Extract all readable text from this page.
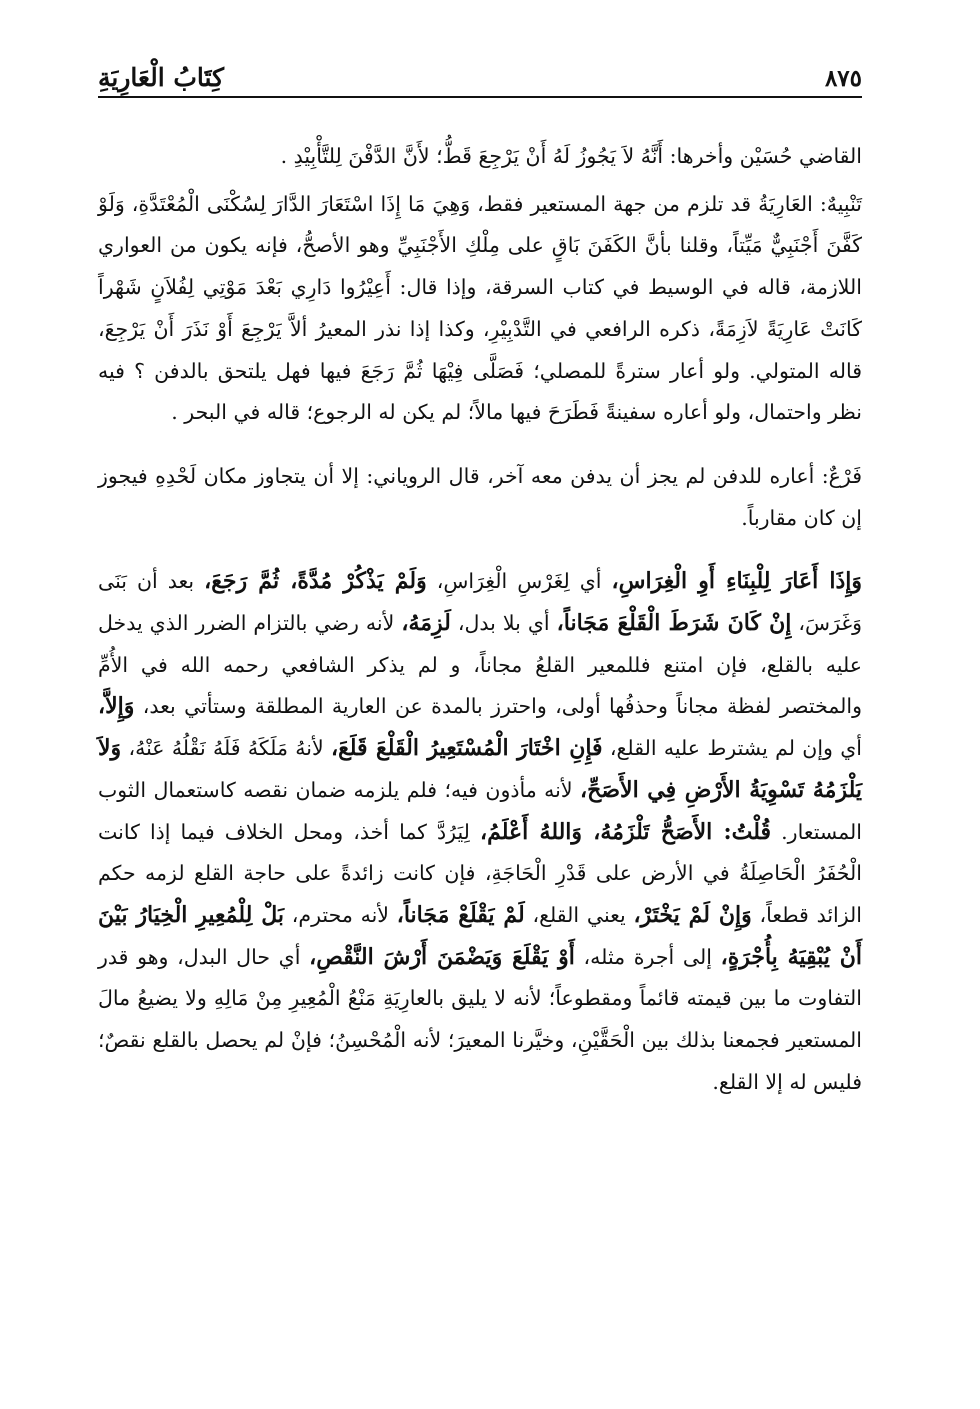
٨٧٥
كِتَابُ الْعَارِيَةِ

القاضي حُسَيْن وأخرها: أَنَّهُ لاَ يَجُوزُ لَهُ أَنْ يَرْجِعَ قَطُّ؛ لأَنَّ الدَّفْنَ لِلتَّأْبِيْدِ .

تَنْبِيهٌ: العَارِيَةُ قد تلزم من جهة المستعير فقط، وَهِيَ مَا إِذَا اسْتَعَارَ الدَّارَ لِسُكْنَى الْمُعْتَدَّةِ، وَلَوْ كَفَّنَ أَجْنَبِيٌّ مَيِّتاً، وقلنا بأنَّ الكَفَنَ بَاقٍ على مِلْكِ الأَجْنَبِيِّ وهو الأصحُّ، فإنه يكون من العواري اللازمة، قاله في الوسيط في كتاب السرقة، وإذا قال: أَعِيْرُوا دَارِي بَعْدَ مَوْتِي لِفُلاَنٍ شَهْراً كَانَتْ عَارِيَةً لاَزِمَةً، ذكره الرافعي في التَّدْبِيْرِ، وكذا إذا نذر المعيرُ ألاَّ يَرْجِعَ أَوْ نَذَرَ أَنْ يَرْجِعَ، قاله المتولي. ولو أعار سترةً للمصلي؛ فَصَلَّى فِيْهَا ثُمَّ رَجَعَ فيها فهل يلتحق بالدفن ؟ فيه نظر واحتمال، ولو أعاره سفينةً فَطَرَحَ فيها مالاً؛ لم يكن له الرجوع؛ قاله في البحر .

فَرْعٌ: أعاره للدفن لم يجز أن يدفن معه آخر، قال الروياني: إلا أن يتجاوز مكان لَحْدِهِ فيجوز إن كان مقارباً.

وَإِذَا أَعَارَ لِلْبِنَاءِ أَوِ الْغِرَاسِ، أي لِغَرْسِ الْغِرَاسِ، وَلَمْ يَذْكُرْ مُدَّةً، ثُمَّ رَجَعَ، بعد أن بَنَى وَغَرَسَ، إِنْ كَانَ شَرَطَ الْقَلْعَ مَجَاناً، أي بلا بدل، لَزِمَهُ، لأنه رضي بالتزام الضرر الذي يدخل عليه بالقلع، فإن امتنع فللمعير القلعُ مجاناً، و لم يذكر الشافعي رحمه الله في الأُمِّ والمختصر لفظة مجاناً وحذفُها أولى، واحترز بالمدة عن العارية المطلقة وستأتي بعد، وَإِلاَّ، أي وإن لم يشترط عليه القلع، فَإِنِ اخْتَارَ الْمُسْتَعِيرُ الْقَلْعَ قَلَعَ، لأنهُ مَلَكَهُ فَلَهُ نَقْلُهُ عَنْهُ، وَلاَ يَلْزَمُهُ تَسْوِيَةُ الأَرْضِ فِي الأَصَحِّ، لأنه مأذون فيه؛ فلم يلزمه ضمان نقصه كاستعمال الثوب المستعار. قُلْتُ: الأَصَحُّ تَلْزَمُهُ، وَاللهُ أَعْلَمُ، لِيَرُدَّ كما أخذ، ومحل الخلاف فيما إذا كانت الْحُفَرُ الْحَاصِلَةُ في الأرض على قَدْرِ الْحَاجَةِ، فإن كانت زائدةً على حاجة القلع لزمه حكم الزائد قطعاً، وَإِنْ لَمْ يَخْتَرْ، يعني القلع، لَمْ يَقْلَعْ مَجَاناً، لأنه محترم، بَلْ لِلْمُعِيرِ الْخِيَارُ بَيْنَ أَنْ يُبْقِيَهُ بِأُجْرَةٍ، إلى أجرة مثله، أَوْ يَقْلَعَ وَيَضْمَنَ أَرْشَ النَّقْصِ، أي حال البدل، وهو قدر التفاوت ما بين قيمته قائماً ومقطوعاً؛ لأنه لا يليق بالعارِيَةِ مَنْعُ الْمُعِيرِ مِنْ مَالِهِ ولا يضيعُ مالَ المستعير فجمعنا بذلك بين الْحَقَّيْنِ، وخيَّرنا المعيرَ؛ لأنه الْمُحْسِنُ؛ فإنْ لم يحصل بالقلع نقصٌ؛ فليس له إلا القلع.
